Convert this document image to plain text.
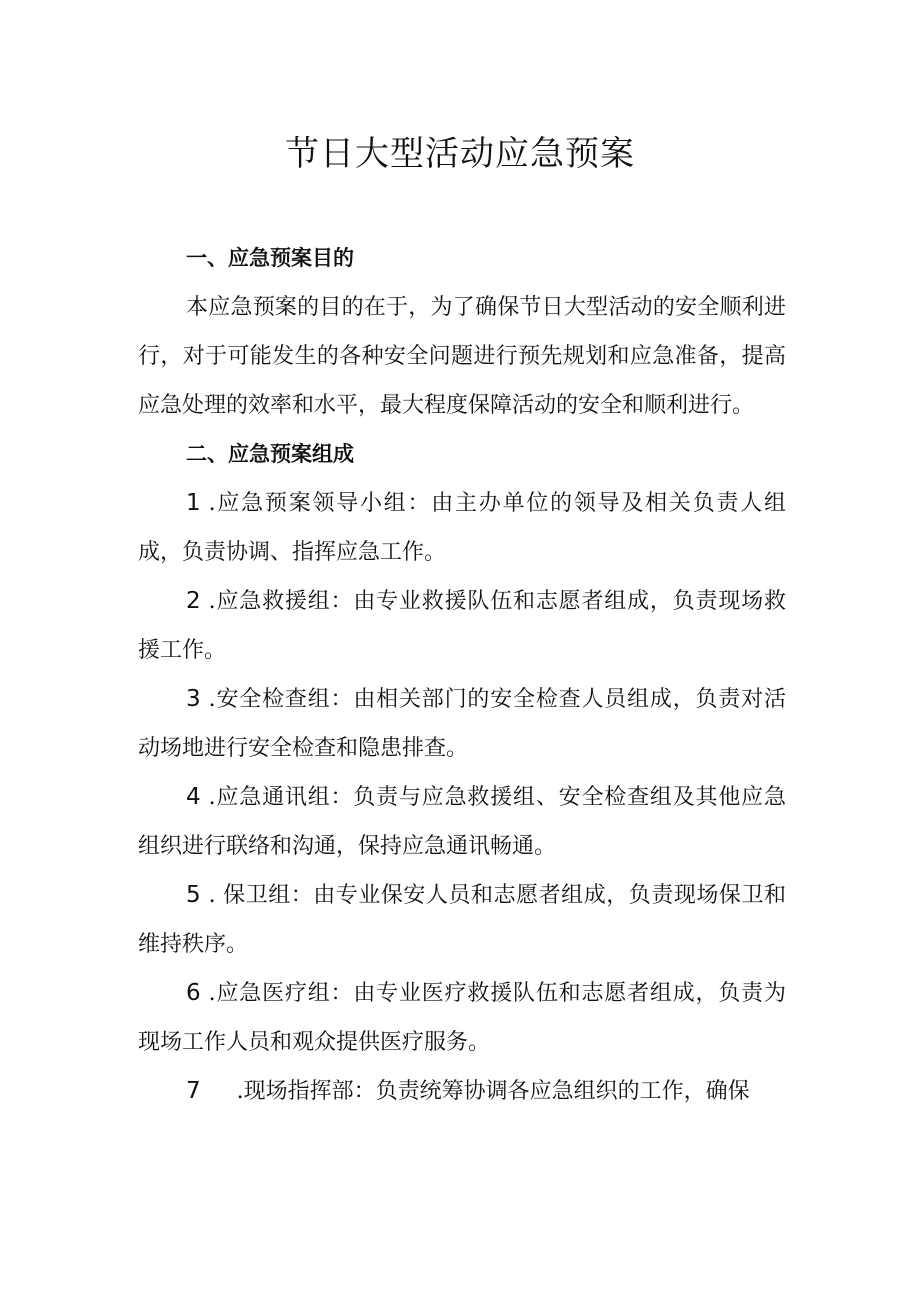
节日大型活动应急预案

一、应急预案目的

本应急预案的目的在于，为了确保节日大型活动的安全顺利进行，对于可能发生的各种安全问题进行预先规划和应急准备，提高应急处理的效率和水平，最大程度保障活动的安全和顺利进行。

二、应急预案组成

1 .应急预案领导小组：由主办单位的领导及相关负责人组成，负责协调、指挥应急工作。

2 .应急救援组：由专业救援队伍和志愿者组成，负责现场救援工作。

3 .安全检查组：由相关部门的安全检查人员组成，负责对活动场地进行安全检查和隐患排查。

4 .应急通讯组：负责与应急救援组、安全检查组及其他应急组织进行联络和沟通，保持应急通讯畅通。

5 . 保卫组：由专业保安人员和志愿者组成，负责现场保卫和维持秩序。

6 .应急医疗组：由专业医疗救援队伍和志愿者组成，负责为现场工作人员和观众提供医疗服务。

7 .现场指挥部：负责统筹协调各应急组织的工作，确保
